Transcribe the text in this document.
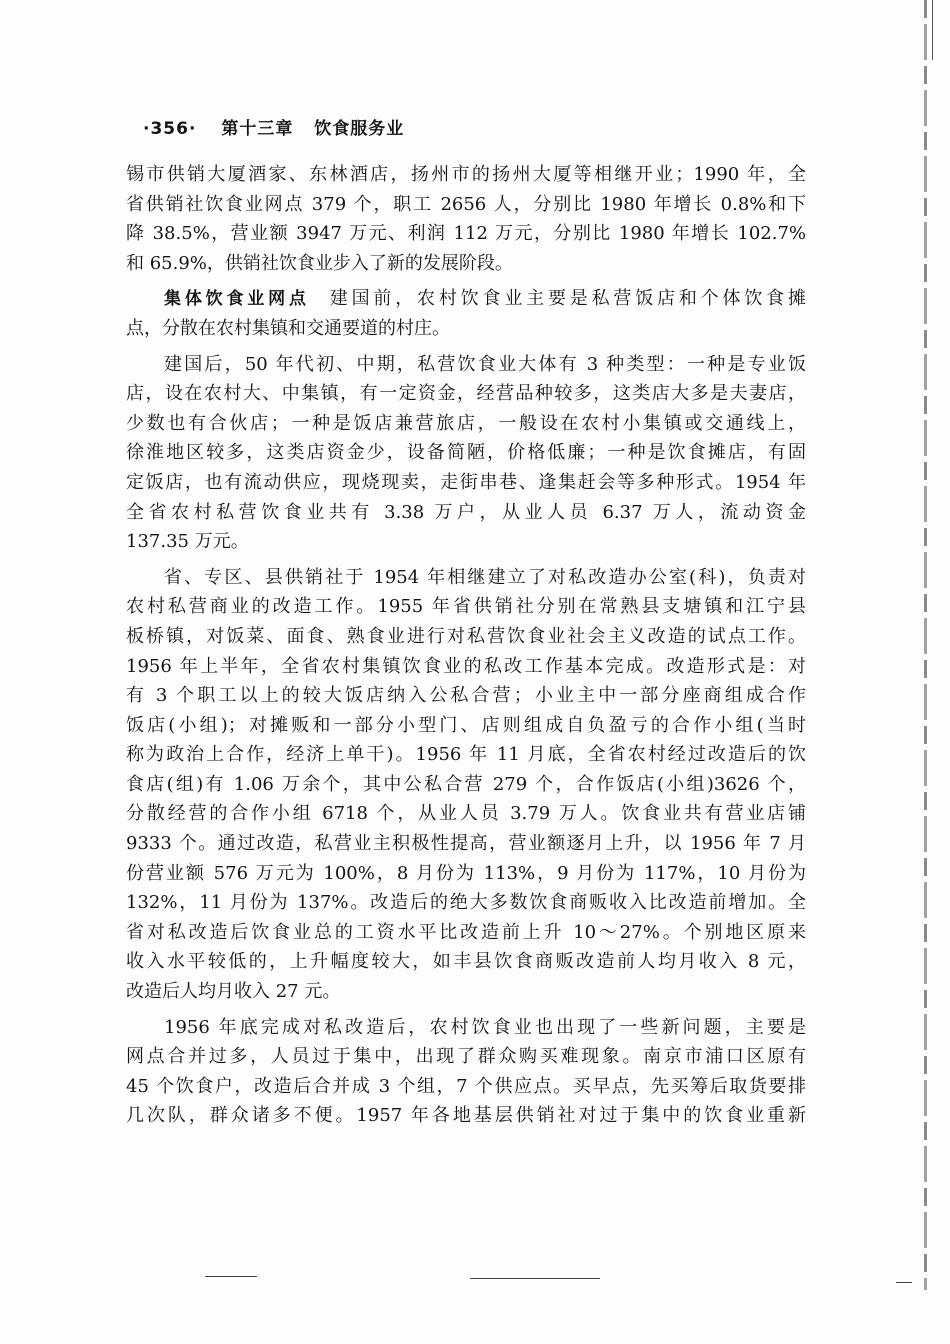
·356· 第十三章 饮食服务业
锡市供销大厦酒家、东林酒店，扬州市的扬州大厦等相继开业；1990 年，全
省供销社饮食业网点 379 个，职工 2656 人，分别比 1980 年增长 0.8%和下
降 38.5%，营业额 3947 万元、利润 112 万元，分别比 1980 年增长 102.7%
和 65.9%，供销社饮食业步入了新的发展阶段。
集体饮食业网点 建国前，农村饮食业主要是私营饭店和个体饮食摊
点，分散在农村集镇和交通要道的村庄。
建国后，50 年代初、中期，私营饮食业大体有 3 种类型：一种是专业饭
店，设在农村大、中集镇，有一定资金，经营品种较多，这类店大多是夫妻店，
少数也有合伙店；一种是饭店兼营旅店，一般设在农村小集镇或交通线上，
徐淮地区较多，这类店资金少，设备简陋，价格低廉；一种是饮食摊店，有固
定饭店，也有流动供应，现烧现卖，走街串巷、逢集赶会等多种形式。1954 年
全省农村私营饮食业共有 3.38 万户，从业人员 6.37 万人，流动资金
137.35 万元。
省、专区、县供销社于 1954 年相继建立了对私改造办公室(科)，负责对
农村私营商业的改造工作。1955 年省供销社分别在常熟县支塘镇和江宁县
板桥镇，对饭菜、面食、熟食业进行对私营饮食业社会主义改造的试点工作。
1956 年上半年，全省农村集镇饮食业的私改工作基本完成。改造形式是：对
有 3 个职工以上的较大饭店纳入公私合营；小业主中一部分座商组成合作
饭店(小组)；对摊贩和一部分小型门、店则组成自负盈亏的合作小组(当时
称为政治上合作，经济上单干)。1956 年 11 月底，全省农村经过改造后的饮
食店(组)有 1.06 万余个，其中公私合营 279 个，合作饭店(小组)3626 个，
分散经营的合作小组 6718 个，从业人员 3.79 万人。饮食业共有营业店铺
9333 个。通过改造，私营业主积极性提高，营业额逐月上升，以 1956 年 7 月
份营业额 576 万元为 100%，8 月份为 113%，9 月份为 117%，10 月份为
132%，11 月份为 137%。改造后的绝大多数饮食商贩收入比改造前增加。全
省对私改造后饮食业总的工资水平比改造前上升 10～27%。个别地区原来
收入水平较低的，上升幅度较大，如丰县饮食商贩改造前人均月收入 8 元，
改造后人均月收入 27 元。
1956 年底完成对私改造后，农村饮食业也出现了一些新问题，主要是
网点合并过多，人员过于集中，出现了群众购买难现象。南京市浦口区原有
45 个饮食户，改造后合并成 3 个组，7 个供应点。买早点，先买筹后取货要排
几次队，群众诸多不便。1957 年各地基层供销社对过于集中的饮食业重新
